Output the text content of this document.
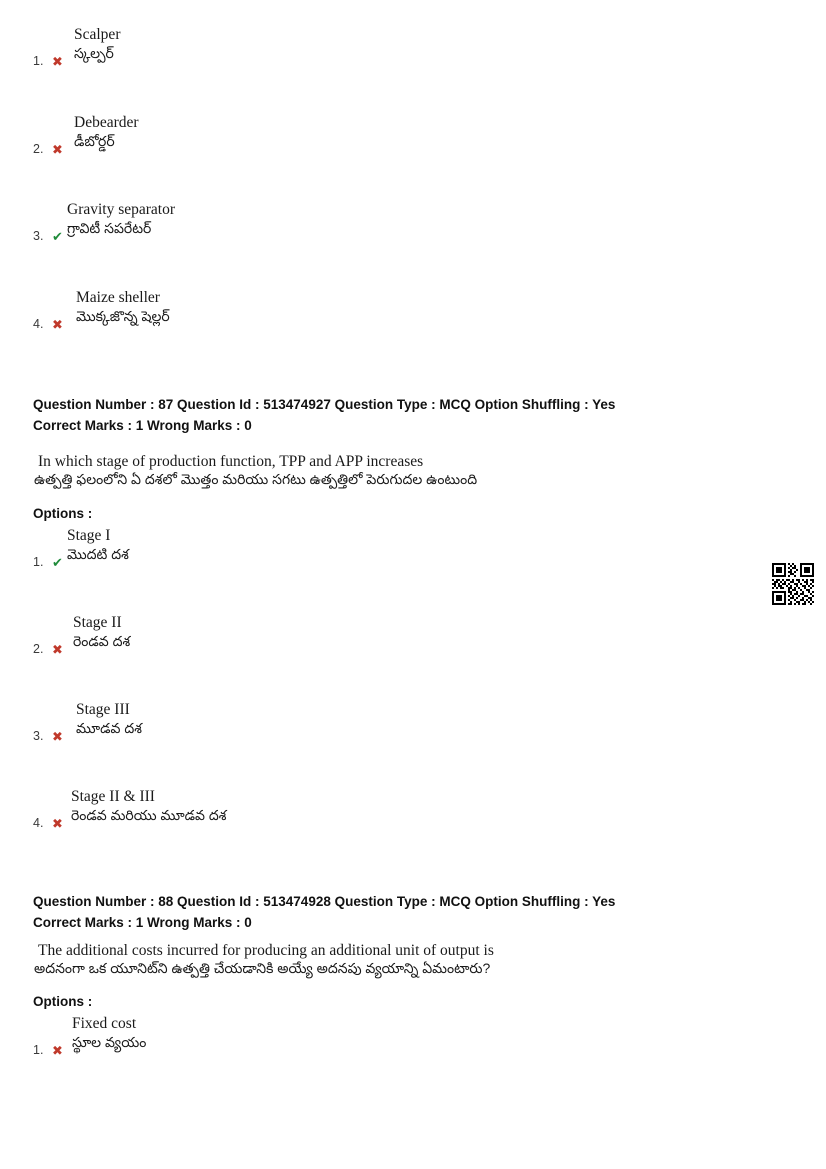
1. ✖
Scalper
స్కల్పర్
2. ✖
Debearder
డీబోర్డర్
3. ✔
Gravity separator
గ్రావిటీ సపరేటర్
4. ✖
Maize sheller
మొక్కజొన్న షెల్లర్
Question Number : 87 Question Id : 513474927 Question Type : MCQ Option Shuffling : Yes
Correct Marks : 1 Wrong Marks : 0
In which stage of production function, TPP and APP increases
ఉత్పత్తి ఫలంలోని ఏ దశలో మొత్తం మరియు సగటు ఉత్పత్తిలో పెరుగుదల ఉంటుంది
Options :
1. ✔
Stage I
మొదటి దశ
2. ✖
Stage II
రెండవ దశ
3. ✖
Stage III
మూడవ దశ
4. ✖
Stage II & III
రెండవ మరియు మూడవ దశ
Question Number : 88 Question Id : 513474928 Question Type : MCQ Option Shuffling : Yes
Correct Marks : 1 Wrong Marks : 0
The additional costs incurred for producing an additional unit of output is
అదనంగా ఒక యూనిట్‌ని ఉత్పత్తి చేయడానికి అయ్యే అదనపు వ్యయాన్ని ఏమంటారు?
Options :
1. ✖
Fixed cost
స్థూల వ్యయం
